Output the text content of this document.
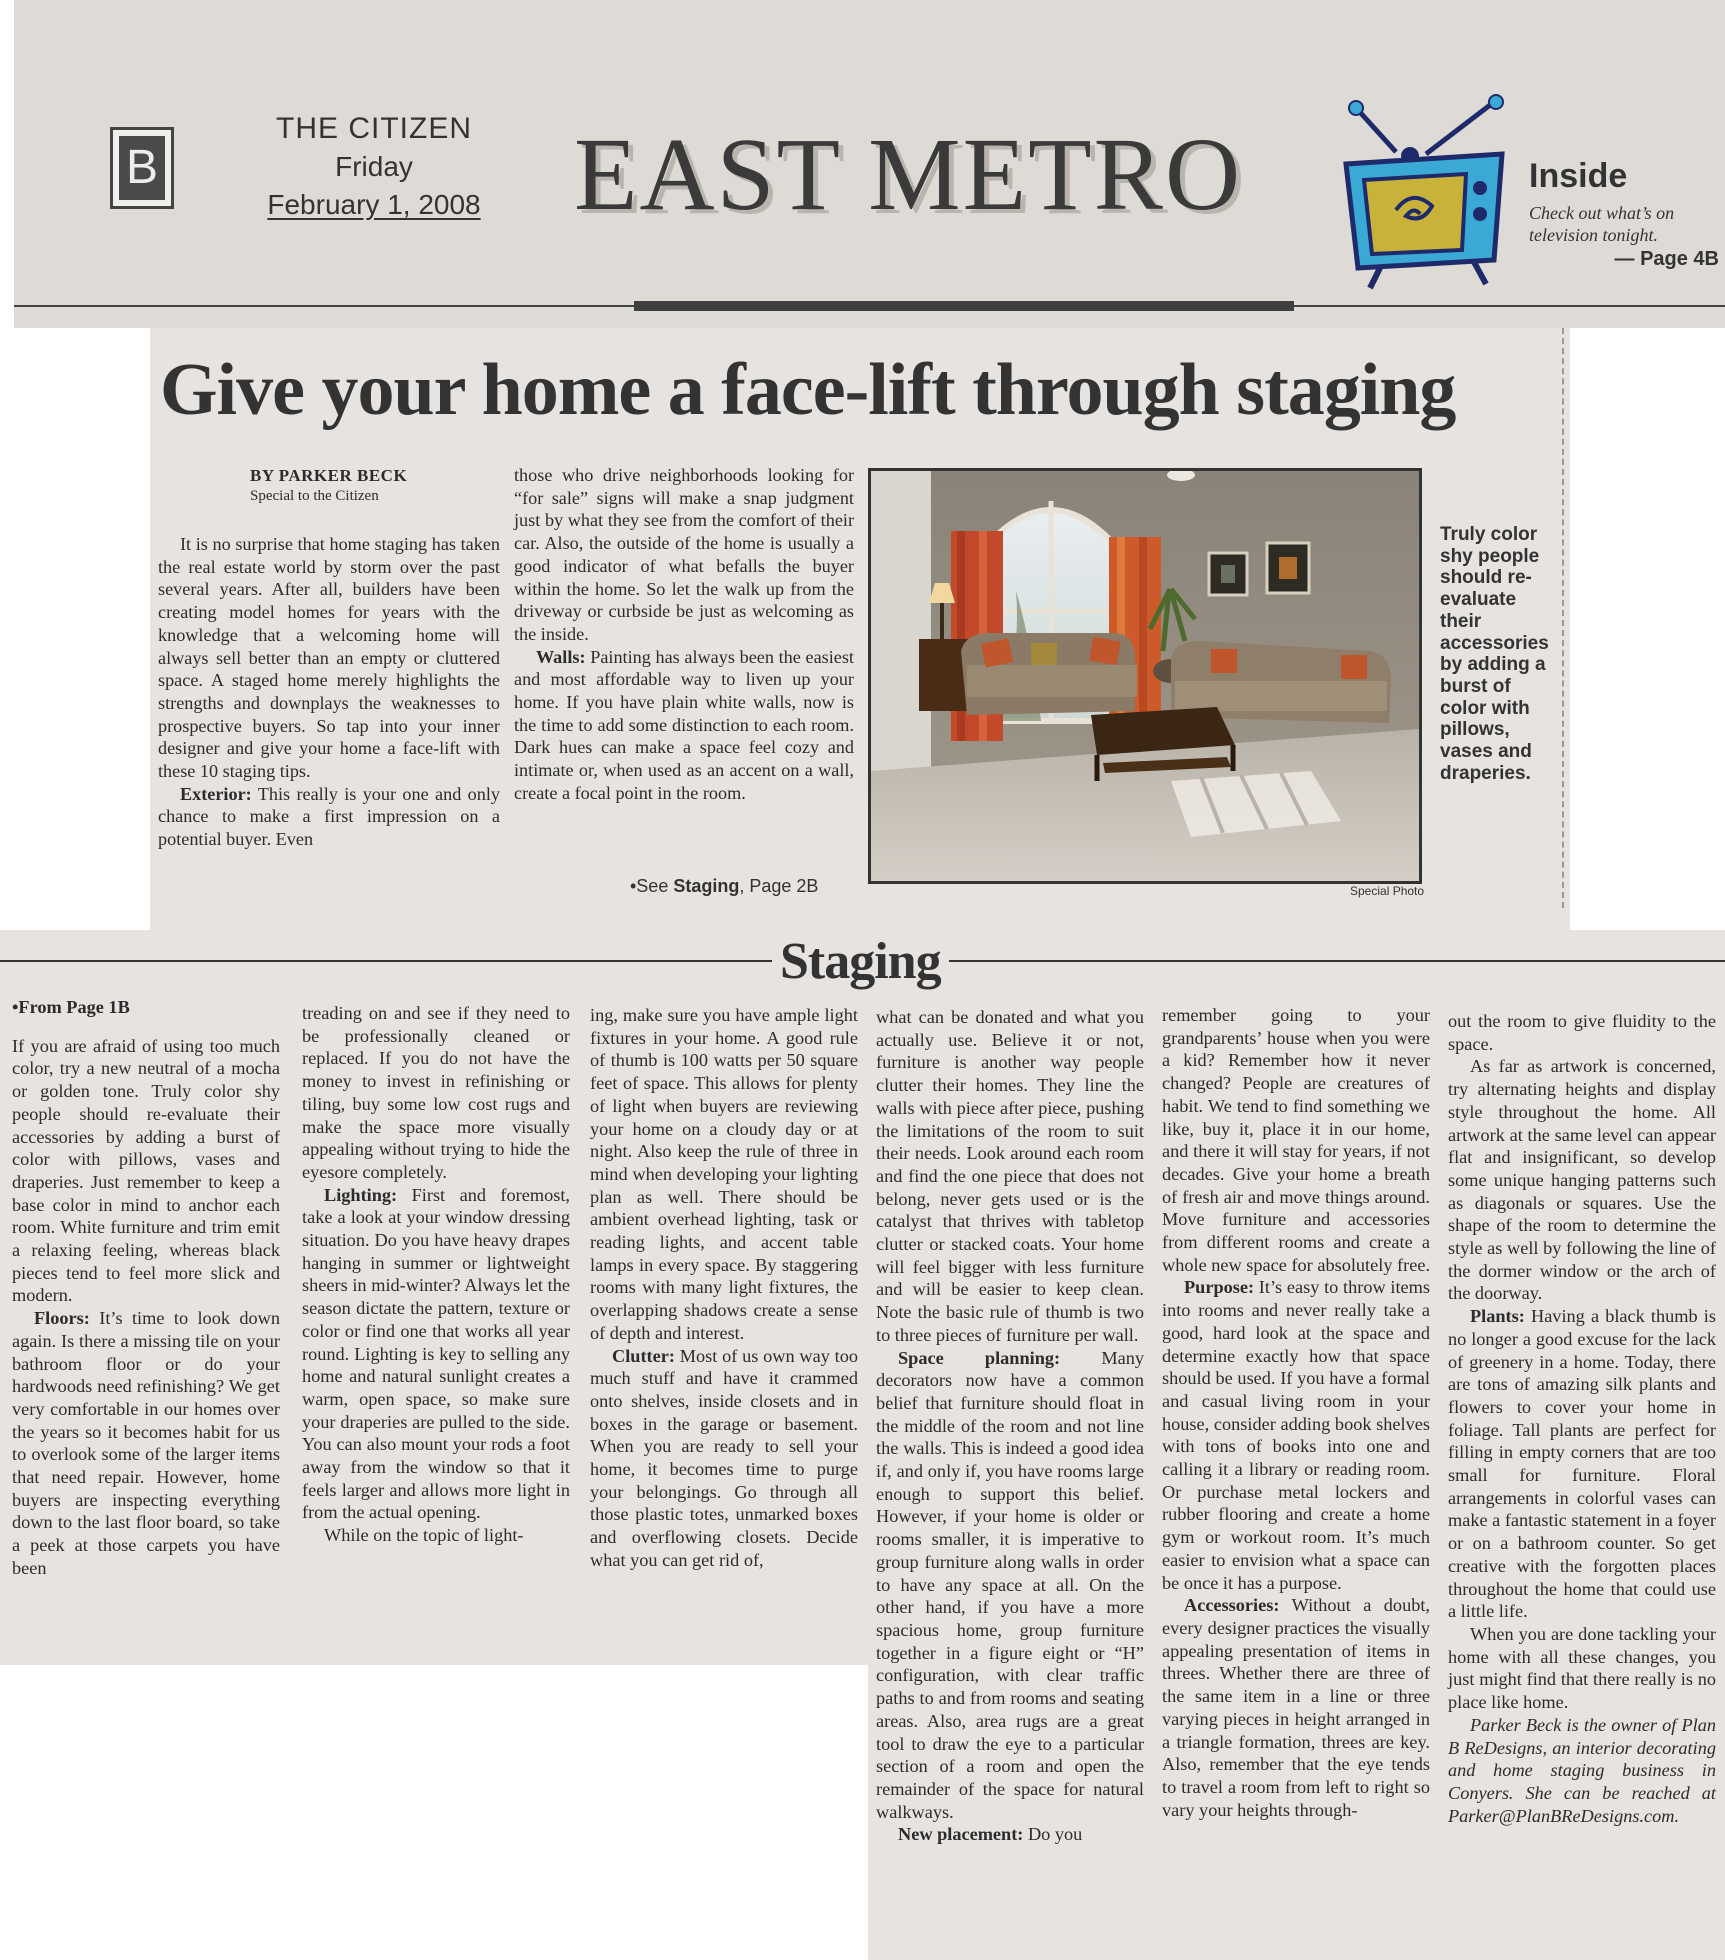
B
THE CITIZEN
Friday
February 1, 2008 EAST METRO	Inside
Check out what’s on television tonight.
— Page 4B
Give your home a face-lift through staging
BY PARKER BECK
Special to the Citizen

It is no surprise that home staging has taken the real estate world by storm over the past several years. After all, builders have been creating model homes for years with the knowledge that a welcoming home will always sell better than an empty or cluttered space. A staged home merely highlights the strengths and downplays the weaknesses to prospective buyers. So tap into your inner designer and give your home a face-lift with these 10 staging tips.

Exterior: This really is your one and only chance to make a first impression on a potential buyer. Even

those who drive neighborhoods looking for “for sale” signs will make a snap judgment just by what they see from the comfort of their car. Also, the outside of the home is usually a good indicator of what befalls the buyer within the home. So let the walk up from the driveway or curbside be just as welcoming as the inside.

Walls: Painting has always been the easiest and most affordable way to liven up your home. If you have plain white walls, now is the time to add some distinction to each room. Dark hues can make a space feel cozy and intimate or, when used as an accent on a wall, create a focal point in the room.

•See Staging, Page 2B	Special Photo
Truly color shy people should re-evaluate their accessories by adding a burst of color with pillows, vases and draperies.
Staging
•From Page 1B

If you are afraid of using too much color, try a new neutral of a mocha or golden tone. Truly color shy people should re-evaluate their accessories by adding a burst of color with pillows, vases and draperies. Just remember to keep a base color in mind to anchor each room. White furniture and trim emit a relaxing feeling, whereas black pieces tend to feel more slick and modern.

Floors: It’s time to look down again. Is there a missing tile on your bathroom floor or do your hardwoods need refinishing? We get very comfortable in our homes over the years so it becomes habit for us to overlook some of the larger items that need repair. However, home buyers are inspecting everything down to the last floor board, so take a peek at those carpets you have been

treading on and see if they need to be professionally cleaned or replaced. If you do not have the money to invest in refinishing or tiling, buy some low cost rugs and make the space more visually appealing without trying to hide the eyesore completely.

Lighting: First and foremost, take a look at your window dressing situation. Do you have heavy drapes hanging in summer or lightweight sheers in mid-winter? Always let the season dictate the pattern, texture or color or find one that works all year round. Lighting is key to selling any home and natural sunlight creates a warm, open space, so make sure your draperies are pulled to the side. You can also mount your rods a foot away from the window so that it feels larger and allows more light in from the actual opening.

While on the topic of light-

ing, make sure you have ample light fixtures in your home. A good rule of thumb is 100 watts per 50 square feet of space. This allows for plenty of light when buyers are reviewing your home on a cloudy day or at night. Also keep the rule of three in mind when developing your lighting plan as well. There should be ambient overhead lighting, task or reading lights, and accent table lamps in every space. By staggering rooms with many light fixtures, the overlapping shadows create a sense of depth and interest.

Clutter: Most of us own way too much stuff and have it crammed onto shelves, inside closets and in boxes in the garage or basement. When you are ready to sell your home, it becomes time to purge your belongings. Go through all those plastic totes, unmarked boxes and overflowing closets. Decide what you can get rid of,

what can be donated and what you actually use. Believe it or not, furniture is another way people clutter their homes. They line the walls with piece after piece, pushing the limitations of the room to suit their needs. Look around each room and find the one piece that does not belong, never gets used or is the catalyst that thrives with tabletop clutter or stacked coats. Your home will feel bigger with less furniture and will be easier to keep clean. Note the basic rule of thumb is two to three pieces of furniture per wall.

Space planning: Many decorators now have a common belief that furniture should float in the middle of the room and not line the walls. This is indeed a good idea if, and only if, you have rooms large enough to support this belief. However, if your home is older or rooms smaller, it is imperative to group furniture along walls in order to have any space at all. On the other hand, if you have a more spacious home, group furniture together in a figure eight or “H” configuration, with clear traffic paths to and from rooms and seating areas. Also, area rugs are a great tool to draw the eye to a particular section of a room and open the remainder of the space for natural walkways.

New placement: Do you

remember going to your grandparents’ house when you were a kid? Remember how it never changed? People are creatures of habit. We tend to find something we like, buy it, place it in our home, and there it will stay for years, if not decades. Give your home a breath of fresh air and move things around. Move furniture and accessories from different rooms and create a whole new space for absolutely free.

Purpose: It’s easy to throw items into rooms and never really take a good, hard look at the space and determine exactly how that space should be used. If you have a formal and casual living room in your house, consider adding book shelves with tons of books into one and calling it a library or reading room. Or purchase metal lockers and rubber flooring and create a home gym or workout room. It’s much easier to envision what a space can be once it has a purpose.

Accessories: Without a doubt, every designer practices the visually appealing presentation of items in threes. Whether there are three of the same item in a line or three varying pieces in height arranged in a triangle formation, threes are key. Also, remember that the eye tends to travel a room from left to right so vary your heights through-

out the room to give fluidity to the space.

As far as artwork is concerned, try alternating heights and display style throughout the home. All artwork at the same level can appear flat and insignificant, so develop some unique hanging patterns such as diagonals or squares. Use the shape of the room to determine the style as well by following the line of the dormer window or the arch of the doorway.

Plants: Having a black thumb is no longer a good excuse for the lack of greenery in a home. Today, there are tons of amazing silk plants and flowers to cover your home in foliage. Tall plants are perfect for filling in empty corners that are too small for furniture. Floral arrangements in colorful vases can make a fantastic statement in a foyer or on a bathroom counter. So get creative with the forgotten places throughout the home that could use a little life.

When you are done tackling your home with all these changes, you just might find that there really is no place like home.

Parker Beck is the owner of Plan B ReDesigns, an interior decorating and home staging business in Conyers. She can be reached at Parker@PlanBReDesigns.com.
